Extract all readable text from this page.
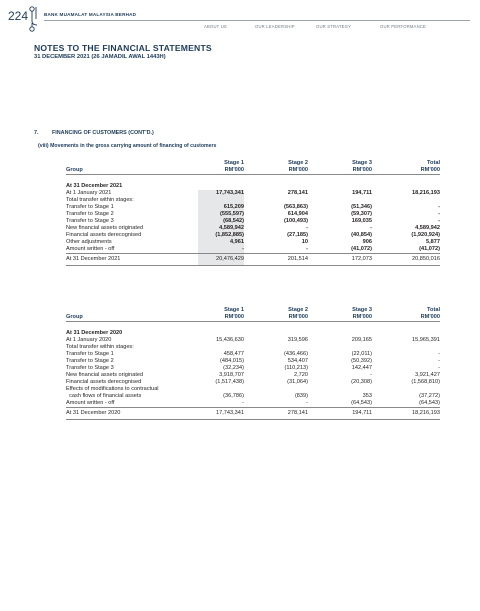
224	BANK MUAMALAT MALAYSIA BERHAD
ABOUT US	OUR LEADERSHIP	OUR STRATEGY	OUR PERFORMANCE
NOTES TO THE FINANCIAL STATEMENTS
31 DECEMBER 2021 (26 JAMADIL AWAL 1443H)
7.	FINANCING OF CUSTOMERS (CONT'D.)
(viii) Movements in the gross carrying amount of financing of customers
	Stage 1	Stage 2	Stage 3	Total
Group	RM'000	RM'000	RM'000	RM'000

At 31 December 2021				
At 1 January 2021	17,743,341	278,141	194,711	18,216,193
Total transfer within stages:				
Transfer to Stage 1	615,209	(563,863)	(51,346)	-
Transfer to Stage 2	(555,597)	614,904	(59,307)	-
Transfer to Stage 3	(68,542)	(100,493)	169,035	-
New financial assets originated	4,589,942	-	-	4,589,942
Financial assets derecognised	(1,852,885)	(27,185)	(40,854)	(1,920,924)
Other adjustments	4,961	10	906	5,877
Amount written - off	-	-	(41,072)	(41,072)
At 31 December 2021	20,476,429	201,514	172,073	20,850,016
	Stage 1	Stage 2	Stage 3	Total
Group	RM'000	RM'000	RM'000	RM'000

At 31 December 2020				
At 1 January 2020	15,436,630	319,596	209,165	15,965,391
Total transfer within stages:				
Transfer to Stage 1	458,477	(436,466)	(22,011)	-
Transfer to Stage 2	(484,015)	534,407	(50,392)	-
Transfer to Stage 3	(32,234)	(110,213)	142,447	-
New financial assets originated	3,918,707	2,720	-	3,921,427
Financial assets derecognised	(1,517,438)	(31,064)	(20,308)	(1,568,810)
Effects of modifications to contractual				
cash flows of financial assets	(36,786)	(839)	353	(37,272)
Amount written - off	-	-	(64,543)	(64,543)
At 31 December 2020	17,743,341	278,141	194,711	18,216,193
